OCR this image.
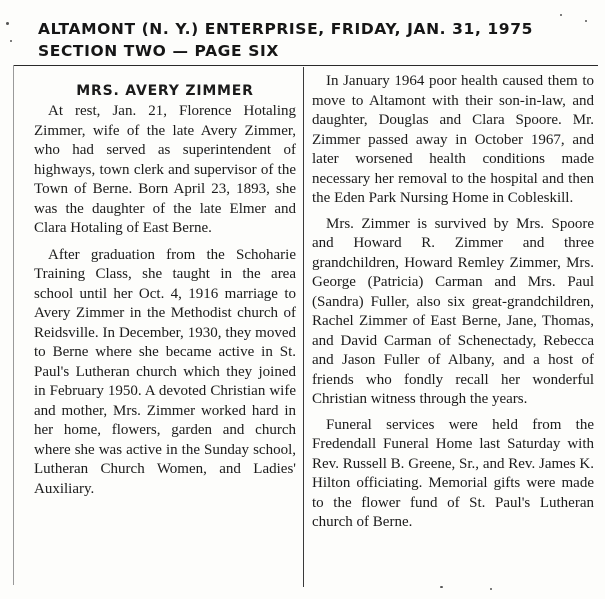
ALTAMONT (N. Y.) ENTERPRISE, FRIDAY, JAN. 31, 1975
SECTION TWO — PAGE SIX
MRS. AVERY ZIMMER

At rest, Jan. 21, Florence Hotaling Zimmer, wife of the late Avery Zimmer, who had served as superintendent of highways, town clerk and supervisor of the Town of Berne. Born April 23, 1893, she was the daughter of the late Elmer and Clara Hotaling of East Berne.

After graduation from the Schoharie Training Class, she taught in the area school until her Oct. 4, 1916 marriage to Avery Zimmer in the Methodist church of Reidsville. In December, 1930, they moved to Berne where she became active in St. Paul's Lutheran church which they joined in February 1950. A devoted Christian wife and mother, Mrs. Zimmer worked hard in her home, flowers, garden and church where she was active in the Sunday school, Lutheran Church Women, and Ladies' Auxiliary.

In January 1964 poor health caused them to move to Altamont with their son-in-law, and daughter, Douglas and Clara Spoore. Mr. Zimmer passed away in October 1967, and later worsened health conditions made necessary her removal to the hospital and then the Eden Park Nursing Home in Cobleskill.

Mrs. Zimmer is survived by Mrs. Spoore and Howard R. Zimmer and three grandchildren, Howard Remley Zimmer, Mrs. George (Patricia) Carman and Mrs. Paul (Sandra) Fuller, also six great-grandchildren, Rachel Zimmer of East Berne, Jane, Thomas, and David Carman of Schenectady, Rebecca and Jason Fuller of Albany, and a host of friends who fondly recall her wonderful Christian witness through the years.

Funeral services were held from the Fredendall Funeral Home last Saturday with Rev. Russell B. Greene, Sr., and Rev. James K. Hilton officiating. Memorial gifts were made to the flower fund of St. Paul's Lutheran church of Berne.
